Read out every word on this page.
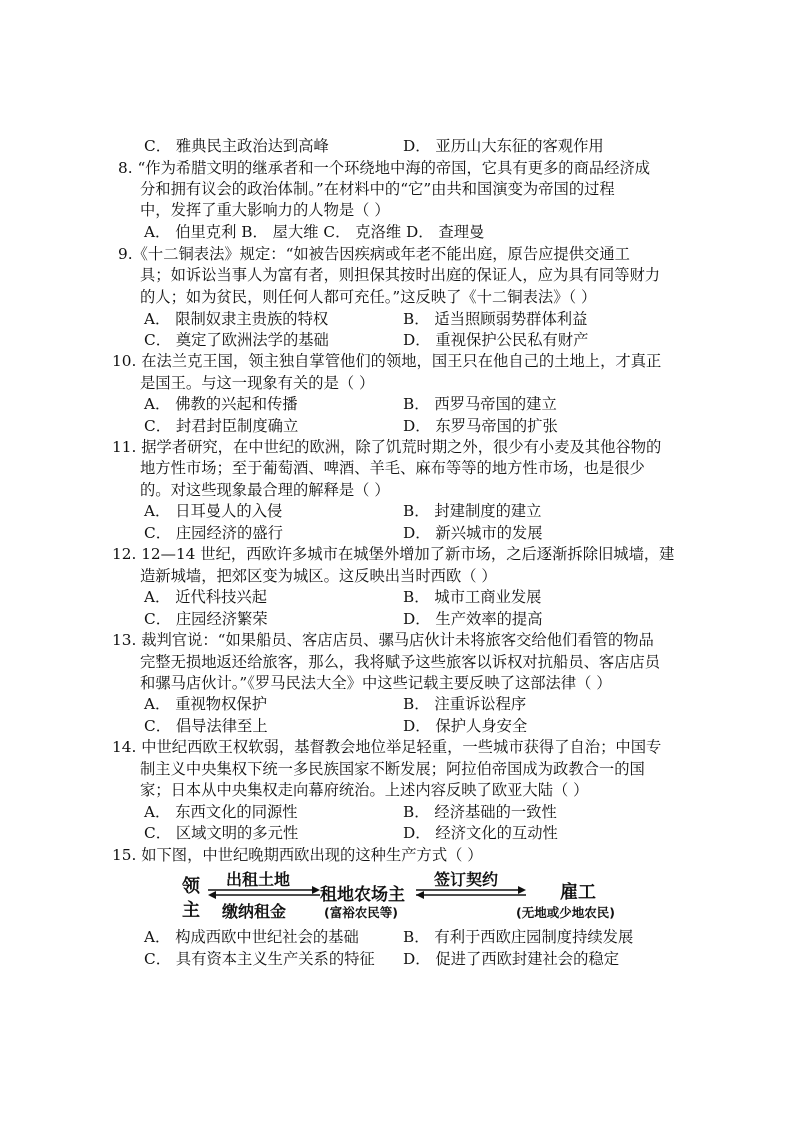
C． 雅典民主政治达到高峰	D． 亚历山大东征的客观作用
8. “作为希腊文明的继承者和一个环绕地中海的帝国，它具有更多的商品经济成
分和拥有议会的政治体制。”在材料中的“它”由共和国演变为帝国的过程
中，发挥了重大影响力的人物是（ ）
A． 伯里克利 B． 屋大维 C． 克洛维 D． 查理曼
9.《十二铜表法》规定：“如被告因疾病或年老不能出庭，原告应提供交通工
具；如诉讼当事人为富有者，则担保其按时出庭的保证人，应为具有同等财力
的人；如为贫民，则任何人都可充任。”这反映了《十二铜表法》（ ）
A． 限制奴隶主贵族的特权	B． 适当照顾弱势群体利益
C． 奠定了欧洲法学的基础	D． 重视保护公民私有财产
10. 在法兰克王国，领主独自掌管他们的领地，国王只在他自己的土地上，才真正
是国王。与这一现象有关的是（ ）
A． 佛教的兴起和传播	B． 西罗马帝国的建立
C． 封君封臣制度确立	D． 东罗马帝国的扩张
11. 据学者研究，在中世纪的欧洲，除了饥荒时期之外，很少有小麦及其他谷物的
地方性市场；至于葡萄酒、啤酒、羊毛、麻布等等的地方性市场，也是很少
的。对这些现象最合理的解释是（ ）
A． 日耳曼人的入侵	B． 封建制度的建立
C． 庄园经济的盛行	D． 新兴城市的发展
12. 12—14 世纪，西欧许多城市在城堡外增加了新市场，之后逐渐拆除旧城墙，建
造新城墙，把郊区变为城区。这反映出当时西欧（ ）
A． 近代科技兴起	B． 城市工商业发展
C． 庄园经济繁荣	D． 生产效率的提高
13. 裁判官说：“如果船员、客店店员、骡马店伙计未将旅客交给他们看管的物品
完整无损地返还给旅客，那么，我将赋予这些旅客以诉权对抗船员、客店店员
和骡马店伙计。”《罗马民法大全》中这些记载主要反映了这部法律（ ）
A． 重视物权保护	B． 注重诉讼程序
C． 倡导法律至上	D． 保护人身安全
14. 中世纪西欧王权软弱，基督教会地位举足轻重，一些城市获得了自治；中国专
制主义中央集权下统一多民族国家不断发展；阿拉伯帝国成为政教合一的国
家；日本从中央集权走向幕府统治。上述内容反映了欧亚大陆（ ）
A． 东西文化的同源性	B． 经济基础的一致性
C． 区域文明的多元性	D． 经济文化的互动性
15. 如下图，中世纪晚期西欧出现的这种生产方式（ ）
领
主
出租土地
缴纳租金
租地农场主
(富裕农民等)
签订契约
雇工
(无地或少地农民)
A． 构成西欧中世纪社会的基础	B． 有利于西欧庄园制度持续发展
C． 具有资本主义生产关系的特征 D． 促进了西欧封建社会的稳定
